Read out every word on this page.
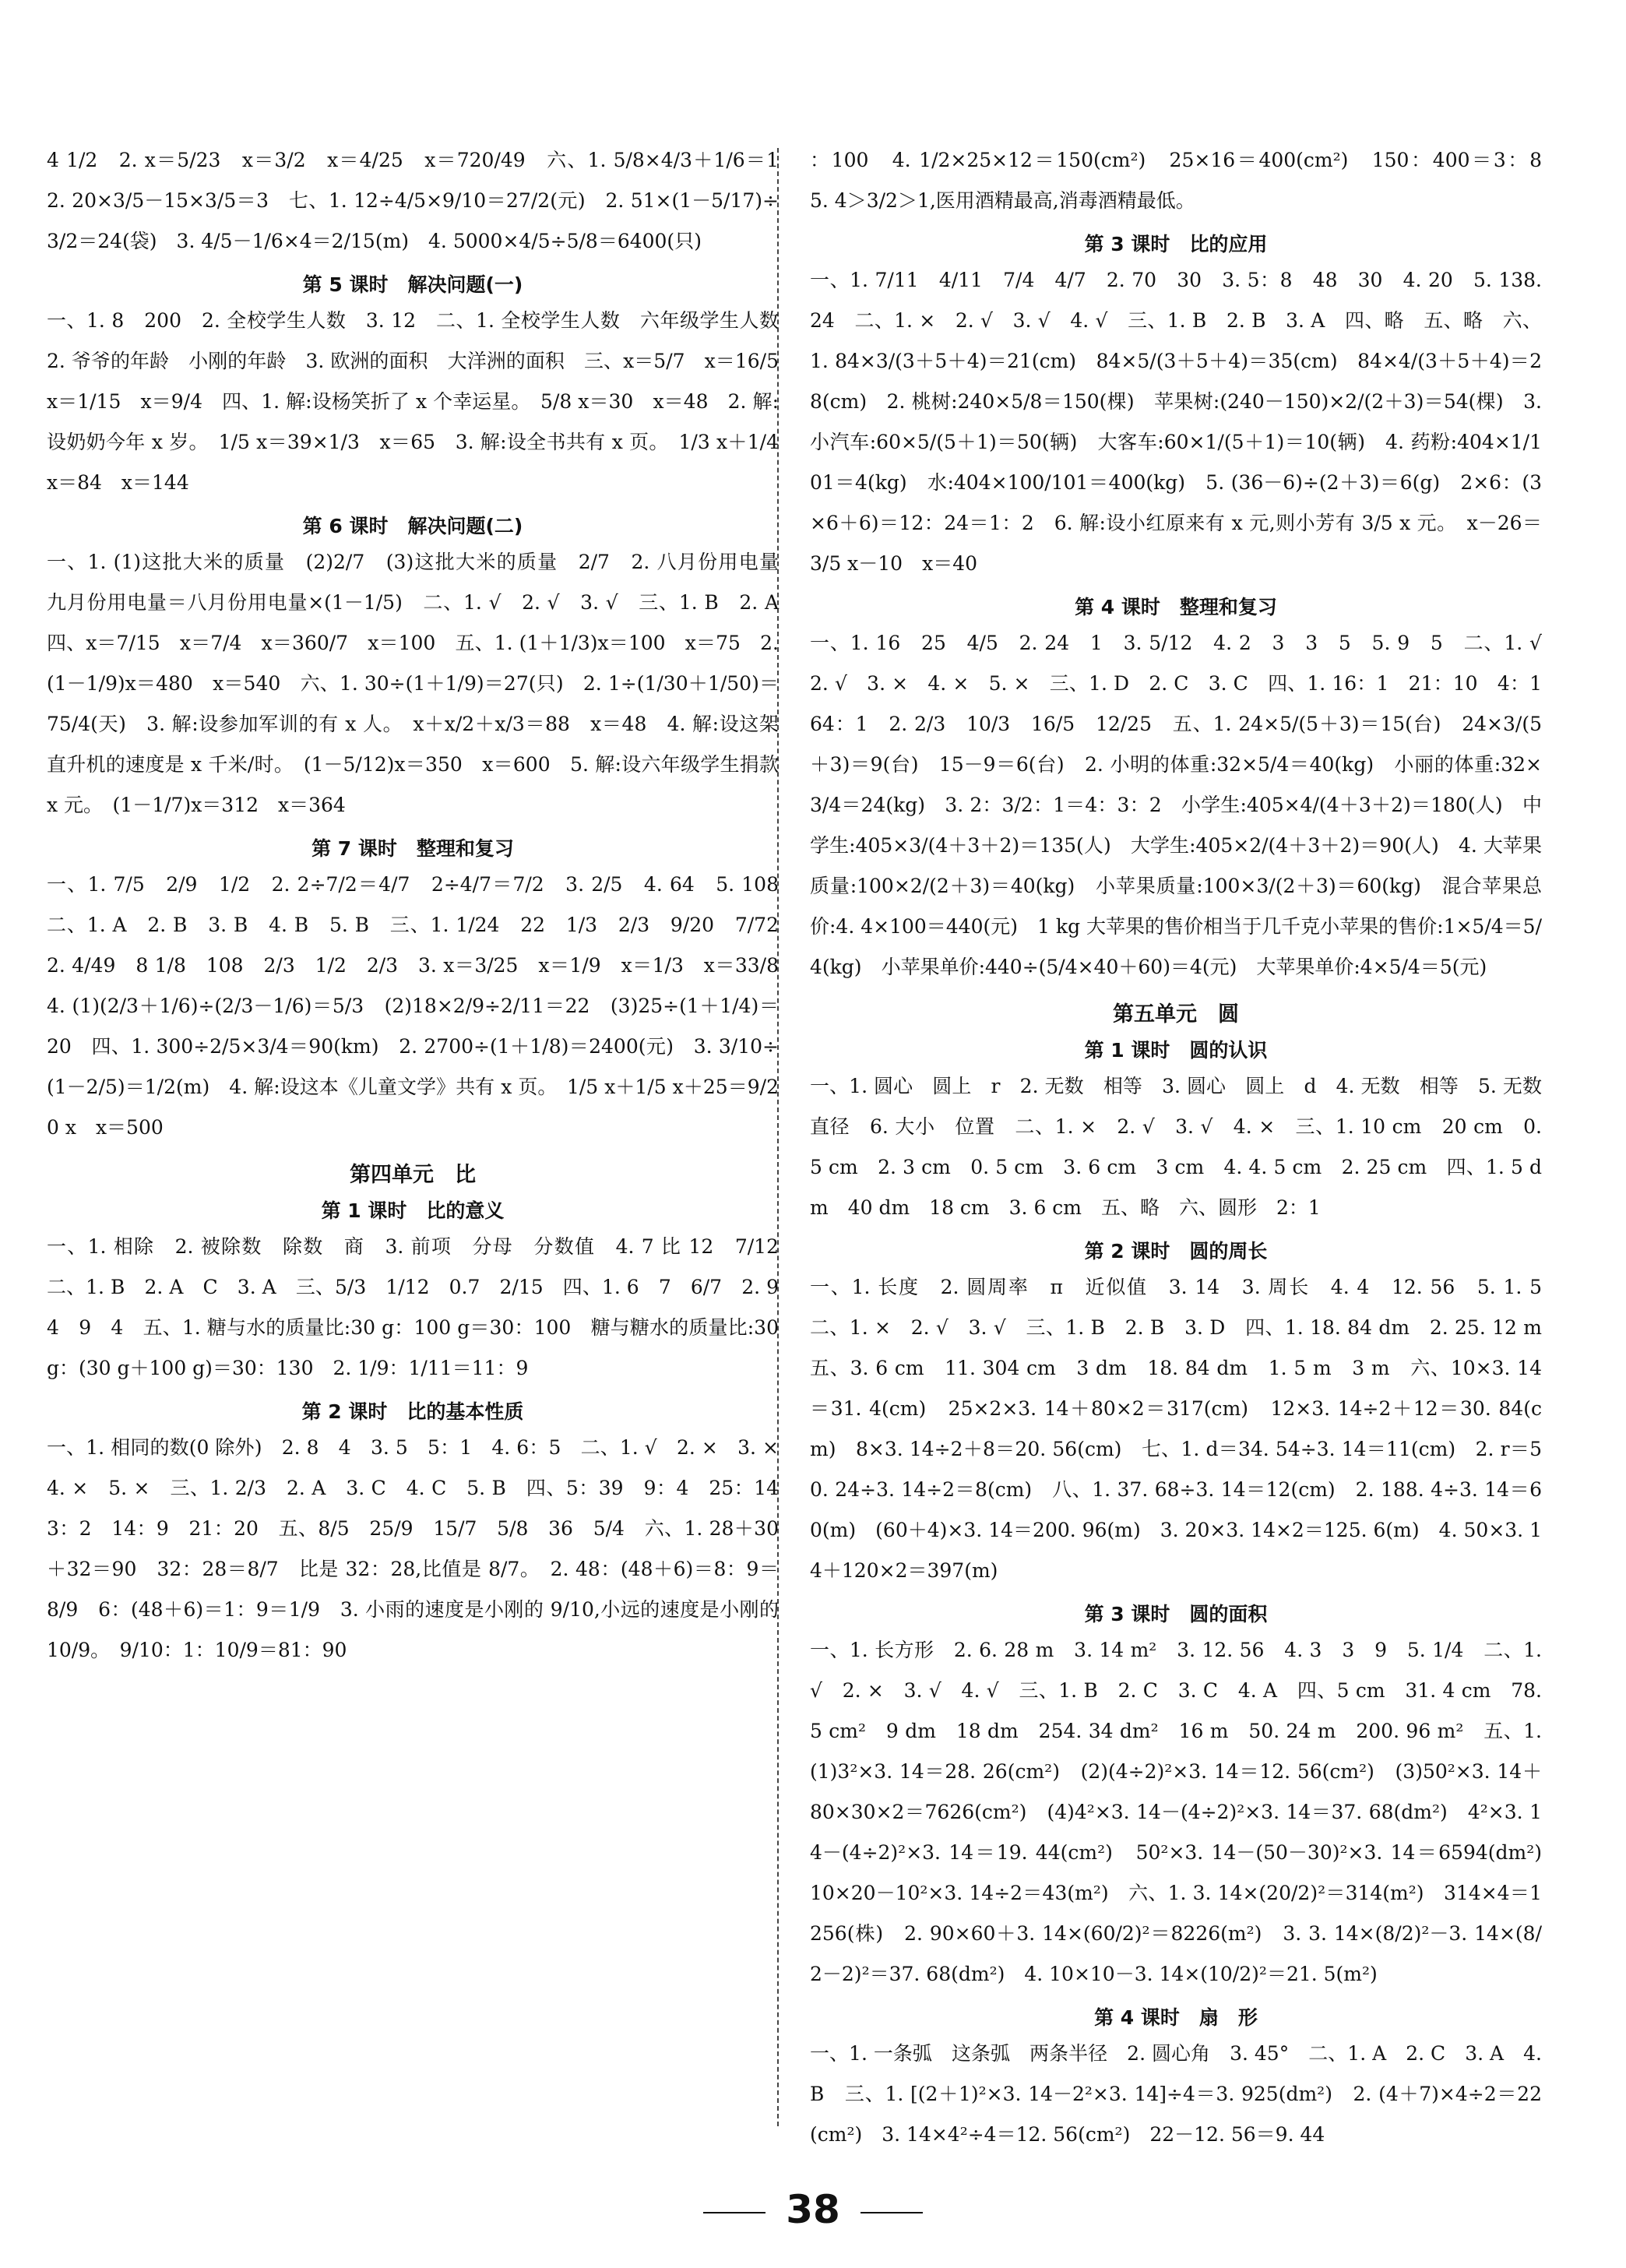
4 1/2　2. x＝5/23　x＝3/2　x＝4/25　x＝720/49　六、1. 5/8×4/3＋1/6＝1　2. 20×3/5－15×3/5＝3　七、1. 12÷4/5×9/10＝27/2(元)　2. 51×(1－5/17)÷3/2＝24(袋)　3. 4/5－1/6×4＝2/15(m)　4. 5000×4/5÷5/8＝6400(只)

第 5 课时　解决问题(一)

一、1. 8　200　2. 全校学生人数　3. 12　二、1. 全校学生人数　六年级学生人数　2. 爷爷的年龄　小刚的年龄　3. 欧洲的面积　大洋洲的面积　三、x＝5/7　x＝16/5　x＝1/15　x＝9/4　四、1. 解:设杨笑折了 x 个幸运星。　5/8 x＝30　x＝48　2. 解:设奶奶今年 x 岁。　1/5 x＝39×1/3　x＝65　3. 解:设全书共有 x 页。　1/3 x＋1/4 x＝84　x＝144

第 6 课时　解决问题(二)

一、1. (1)这批大米的质量　(2)2/7　(3)这批大米的质量　2/7　2. 八月份用电量　九月份用电量＝八月份用电量×(1－1/5)　二、1. √　2. √　3. √　三、1. B　2. A　四、x＝7/15　x＝7/4　x＝360/7　x＝100　五、1. (1＋1/3)x＝100　x＝75　2. (1－1/9)x＝480　x＝540　六、1. 30÷(1＋1/9)＝27(只)　2. 1÷(1/30＋1/50)＝75/4(天)　3. 解:设参加军训的有 x 人。　x＋x/2＋x/3＝88　x＝48　4. 解:设这架直升机的速度是 x 千米/时。　(1－5/12)x＝350　x＝600　5. 解:设六年级学生捐款 x 元。　(1－1/7)x＝312　x＝364

第 7 课时　整理和复习

一、1. 7/5　2/9　1/2　2. 2÷7/2＝4/7　2÷4/7＝7/2　3. 2/5　4. 64　5. 108　二、1. A　2. B　3. B　4. B　5. B　三、1. 1/24　22　1/3　2/3　9/20　7/72　2. 4/49　8 1/8　108　2/3　1/2　2/3　3. x＝3/25　x＝1/9　x＝1/3　x＝33/8　4. (1)(2/3＋1/6)÷(2/3－1/6)＝5/3　(2)18×2/9÷2/11＝22　(3)25÷(1＋1/4)＝20　四、1. 300÷2/5×3/4＝90(km)　2. 2700÷(1＋1/8)＝2400(元)　3. 3/10÷(1－2/5)＝1/2(m)　4. 解:设这本《儿童文学》共有 x 页。　1/5 x＋1/5 x＋25＝9/20 x　x＝500

第四单元　比
第 1 课时　比的意义

一、1. 相除　2. 被除数　除数　商　3. 前项　分母　分数值　4. 7 比 12　7/12　二、1. B　2. A　C　3. A　三、5/3　1/12　0.7　2/15　四、1. 6　7　6/7　2. 9　4　9　4　五、1. 糖与水的质量比:30 g：100 g＝30：100　糖与糖水的质量比:30 g：(30 g＋100 g)＝30：130　2. 1/9：1/11＝11：9

第 2 课时　比的基本性质

一、1. 相同的数(0 除外)　2. 8　4　3. 5　5：1　4. 6：5　二、1. √　2. ×　3. ×　4. ×　5. ×　三、1. 2/3　2. A　3. C　4. C　5. B　四、5：39　9：4　25：14　3：2　14：9　21：20　五、8/5　25/9　15/7　5/8　36　5/4　六、1. 28＋30＋32＝90　32：28＝8/7　比是 32：28,比值是 8/7。　2. 48：(48＋6)＝8：9＝8/9　6：(48＋6)＝1：9＝1/9　3. 小雨的速度是小刚的 9/10,小远的速度是小刚的 10/9。　9/10：1：10/9＝81：90

：100　4. 1/2×25×12＝150(cm²)　25×16＝400(cm²)　150：400＝3：8　5. 4＞3/2＞1,医用酒精最高,消毒酒精最低。

第 3 课时　比的应用

一、1. 7/11　4/11　7/4　4/7　2. 70　30　3. 5：8　48　30　4. 20　5. 138. 24　二、1. ×　2. √　3. √　4. √　三、1. B　2. B　3. A　四、略　五、略　六、1. 84×3/(3＋5＋4)＝21(cm)　84×5/(3＋5＋4)＝35(cm)　84×4/(3＋5＋4)＝28(cm)　2. 桃树:240×5/8＝150(棵)　苹果树:(240－150)×2/(2＋3)＝54(棵)　3. 小汽车:60×5/(5＋1)＝50(辆)　大客车:60×1/(5＋1)＝10(辆)　4. 药粉:404×1/101＝4(kg)　水:404×100/101＝400(kg)　5. (36－6)÷(2＋3)＝6(g)　2×6：(3×6＋6)＝12：24＝1：2　6. 解:设小红原来有 x 元,则小芳有 3/5 x 元。　x－26＝3/5 x－10　x＝40

第 4 课时　整理和复习

一、1. 16　25　4/5　2. 24　1　3. 5/12　4. 2　3　3　5　5. 9　5　二、1. √　2. √　3. ×　4. ×　5. ×　三、1. D　2. C　3. C　四、1. 16：1　21：10　4：1　64：1　2. 2/3　10/3　16/5　12/25　五、1. 24×5/(5＋3)＝15(台)　24×3/(5＋3)＝9(台)　15－9＝6(台)　2. 小明的体重:32×5/4＝40(kg)　小丽的体重:32×3/4＝24(kg)　3. 2：3/2：1＝4：3：2　小学生:405×4/(4＋3＋2)＝180(人)　中学生:405×3/(4＋3＋2)＝135(人)　大学生:405×2/(4＋3＋2)＝90(人)　4. 大苹果质量:100×2/(2＋3)＝40(kg)　小苹果质量:100×3/(2＋3)＝60(kg)　混合苹果总价:4. 4×100＝440(元)　1 kg 大苹果的售价相当于几千克小苹果的售价:1×5/4＝5/4(kg)　小苹果单价:440÷(5/4×40＋60)＝4(元)　大苹果单价:4×5/4＝5(元)

第五单元　圆
第 1 课时　圆的认识

一、1. 圆心　圆上　r　2. 无数　相等　3. 圆心　圆上　d　4. 无数　相等　5. 无数　直径　6. 大小　位置　二、1. ×　2. √　3. √　4. ×　三、1. 10 cm　20 cm　0. 5 cm　2. 3 cm　0. 5 cm　3. 6 cm　3 cm　4. 4. 5 cm　2. 25 cm　四、1. 5 dm　40 dm　18 cm　3. 6 cm　五、略　六、圆形　2：1

第 2 课时　圆的周长

一、1. 长度　2. 圆周率　π　近似值　3. 14　3. 周长　4. 4　12. 56　5. 1. 5　二、1. ×　2. √　3. √　三、1. B　2. B　3. D　四、1. 18. 84 dm　2. 25. 12 m　五、3. 6 cm　11. 304 cm　3 dm　18. 84 dm　1. 5 m　3 m　六、10×3. 14＝31. 4(cm)　25×2×3. 14＋80×2＝317(cm)　12×3. 14÷2＋12＝30. 84(cm)　8×3. 14÷2＋8＝20. 56(cm)　七、1. d＝34. 54÷3. 14＝11(cm)　2. r＝50. 24÷3. 14÷2＝8(cm)　八、1. 37. 68÷3. 14＝12(cm)　2. 188. 4÷3. 14＝60(m)　(60＋4)×3. 14＝200. 96(m)　3. 20×3. 14×2＝125. 6(m)　4. 50×3. 14＋120×2＝397(m)

第 3 课时　圆的面积

一、1. 长方形　2. 6. 28 m　3. 14 m²　3. 12. 56　4. 3　3　9　5. 1/4　二、1. √　2. ×　3. √　4. √　三、1. B　2. C　3. C　4. A　四、5 cm　31. 4 cm　78. 5 cm²　9 dm　18 dm　254. 34 dm²　16 m　50. 24 m　200. 96 m²　五、1. (1)3²×3. 14＝28. 26(cm²)　(2)(4÷2)²×3. 14＝12. 56(cm²)　(3)50²×3. 14＋80×30×2＝7626(cm²)　(4)4²×3. 14－(4÷2)²×3. 14＝37. 68(dm²)　4²×3. 14－(4÷2)²×3. 14＝19. 44(cm²)　50²×3. 14－(50－30)²×3. 14＝6594(dm²)　10×20－10²×3. 14÷2＝43(m²)　六、1. 3. 14×(20/2)²＝314(m²)　314×4＝1256(株)　2. 90×60＋3. 14×(60/2)²＝8226(m²)　3. 3. 14×(8/2)²－3. 14×(8/2－2)²＝37. 68(dm²)　4. 10×10－3. 14×(10/2)²＝21. 5(m²)

第 4 课时　扇　形

一、1. 一条弧　这条弧　两条半径　2. 圆心角　3. 45°　二、1. A　2. C　3. A　4. B　三、1. [(2＋1)²×3. 14－2²×3. 14]÷4＝3. 925(dm²)　2. (4＋7)×4÷2＝22(cm²)　3. 14×4²÷4＝12. 56(cm²)　22－12. 56＝9. 44

38
